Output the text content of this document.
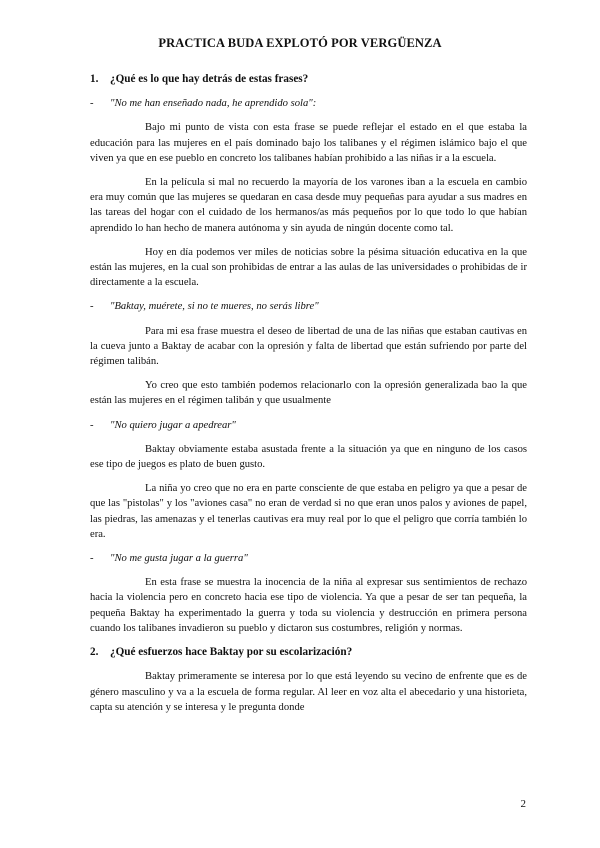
PRACTICA BUDA EXPLOTÓ POR VERGÜENZA
1.	¿Qué es lo que hay detrás de estas frases?
-	"No me han enseñado nada, he aprendido sola":

Bajo mi punto de vista con esta frase se puede reflejar el estado en el que estaba la educación para las mujeres en el país dominado bajo los talibanes y el régimen islámico bajo el que viven ya que en ese pueblo en concreto los talibanes habían prohibido a las niñas ir a la escuela.

En la película si mal no recuerdo la mayoría de los varones iban a la escuela en cambio era muy común que las mujeres se quedaran en casa desde muy pequeñas para ayudar a sus madres en las tareas del hogar con el cuidado de los hermanos/as más pequeños por lo que todo lo que habían aprendido lo han hecho de manera autónoma y sin ayuda de ningún docente como tal.

Hoy en día podemos ver miles de noticias sobre la pésima situación educativa en la que están las mujeres, en la cual son prohibidas de entrar a las aulas de las universidades o prohibidas de ir directamente a la escuela.

-	"Baktay, muérete, si no te mueres, no serás libre"

Para mi esa frase muestra el deseo de libertad de una de las niñas que estaban cautivas en la cueva junto a Baktay de acabar con la opresión y falta de libertad que están sufriendo por parte del régimen talibán.

Yo creo que esto también podemos relacionarlo con la opresión generalizada bao la que están las mujeres en el régimen talibán y que usualmente

-	"No quiero jugar a apedrear"

Baktay obviamente estaba asustada frente a la situación ya que en ninguno de los casos ese tipo de juegos es plato de buen gusto.

La niña yo creo que no era en parte consciente de que estaba en peligro ya que a pesar de que las "pistolas" y los "aviones casa" no eran de verdad si no que eran unos palos y aviones de papel, las piedras, las amenazas y el tenerlas cautivas era muy real por lo que el peligro que corría también lo era.

-	"No me gusta jugar a la guerra"

En esta frase se muestra la inocencia de la niña al expresar sus sentimientos de rechazo hacia la violencia pero en concreto hacia ese tipo de violencia. Ya que a pesar de ser tan pequeña, la pequeña Baktay ha experimentado la guerra y toda su violencia y destrucción en primera persona cuando los talibanes invadieron su pueblo y dictaron sus costumbres, religión y normas.

2.	¿Qué esfuerzos hace Baktay por su escolarización?

Baktay primeramente se interesa por lo que está leyendo su vecino de enfrente que es de género masculino y va a la escuela de forma regular. Al leer en voz alta el abecedario y una historieta, capta su atención y se interesa y le pregunta donde

2
